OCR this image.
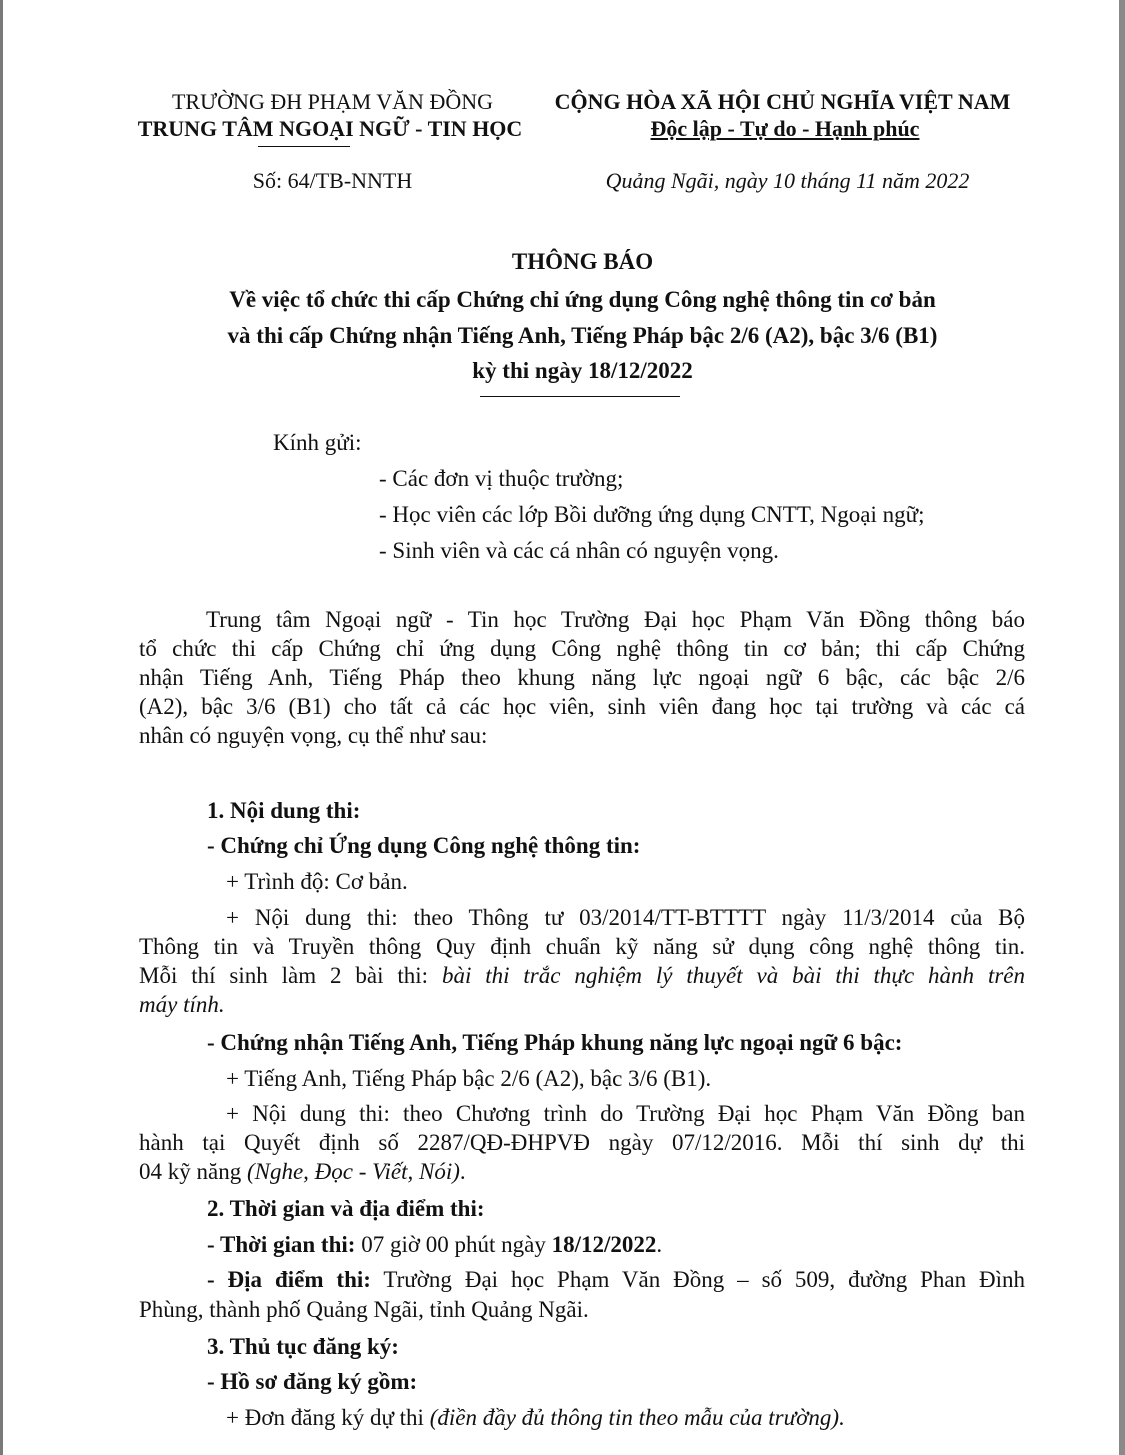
TRƯỜNG ĐH PHẠM VĂN ĐỒNG
TRUNG TÂM NGOẠI NGỮ - TIN HỌC
Số: 64/TB-NNTH
CỘNG HÒA XÃ HỘI CHỦ NGHĨA VIỆT NAM
Độc lập - Tự do - Hạnh phúc
Quảng Ngãi, ngày 10 tháng 11 năm 2022
THÔNG BÁO
Về việc tổ chức thi cấp Chứng chỉ ứng dụng Công nghệ thông tin cơ bản
và thi cấp Chứng nhận Tiếng Anh, Tiếng Pháp bậc 2/6 (A2), bậc 3/6 (B1)
kỳ thi ngày 18/12/2022
Kính gửi:
- Các đơn vị thuộc trường;
- Học viên các lớp Bồi dưỡng ứng dụng CNTT, Ngoại ngữ;
- Sinh viên và các cá nhân có nguyện vọng.
Trung tâm Ngoại ngữ - Tin học Trường Đại học Phạm Văn Đồng thông báo
tổ chức thi cấp Chứng chỉ ứng dụng Công nghệ thông tin cơ bản; thi cấp Chứng
nhận Tiếng Anh, Tiếng Pháp theo khung năng lực ngoại ngữ 6 bậc, các bậc 2/6
(A2), bậc 3/6 (B1) cho tất cả các học viên, sinh viên đang học tại trường và các cá
nhân có nguyện vọng, cụ thể như sau:
1. Nội dung thi:
- Chứng chỉ Ứng dụng Công nghệ thông tin:
+ Trình độ: Cơ bản.
+ Nội dung thi: theo Thông tư 03/2014/TT-BTTTT ngày 11/3/2014 của Bộ
Thông tin và Truyền thông Quy định chuẩn kỹ năng sử dụng công nghệ thông tin.
Mỗi thí sinh làm 2 bài thi: bài thi trắc nghiệm lý thuyết và bài thi thực hành trên
máy tính.
- Chứng nhận Tiếng Anh, Tiếng Pháp khung năng lực ngoại ngữ 6 bậc:
+ Tiếng Anh, Tiếng Pháp bậc 2/6 (A2), bậc 3/6 (B1).
+ Nội dung thi: theo Chương trình do Trường Đại học Phạm Văn Đồng ban
hành tại Quyết định số 2287/QĐ-ĐHPVĐ ngày 07/12/2016. Mỗi thí sinh dự thi
04 kỹ năng (Nghe, Đọc - Viết, Nói).
2. Thời gian và địa điểm thi:
- Thời gian thi: 07 giờ 00 phút ngày 18/12/2022.
- Địa điểm thi: Trường Đại học Phạm Văn Đồng – số 509, đường Phan Đình
Phùng, thành phố Quảng Ngãi, tỉnh Quảng Ngãi.
3. Thủ tục đăng ký:
- Hồ sơ đăng ký gồm:
+ Đơn đăng ký dự thi (điền đầy đủ thông tin theo mẫu của trường).
